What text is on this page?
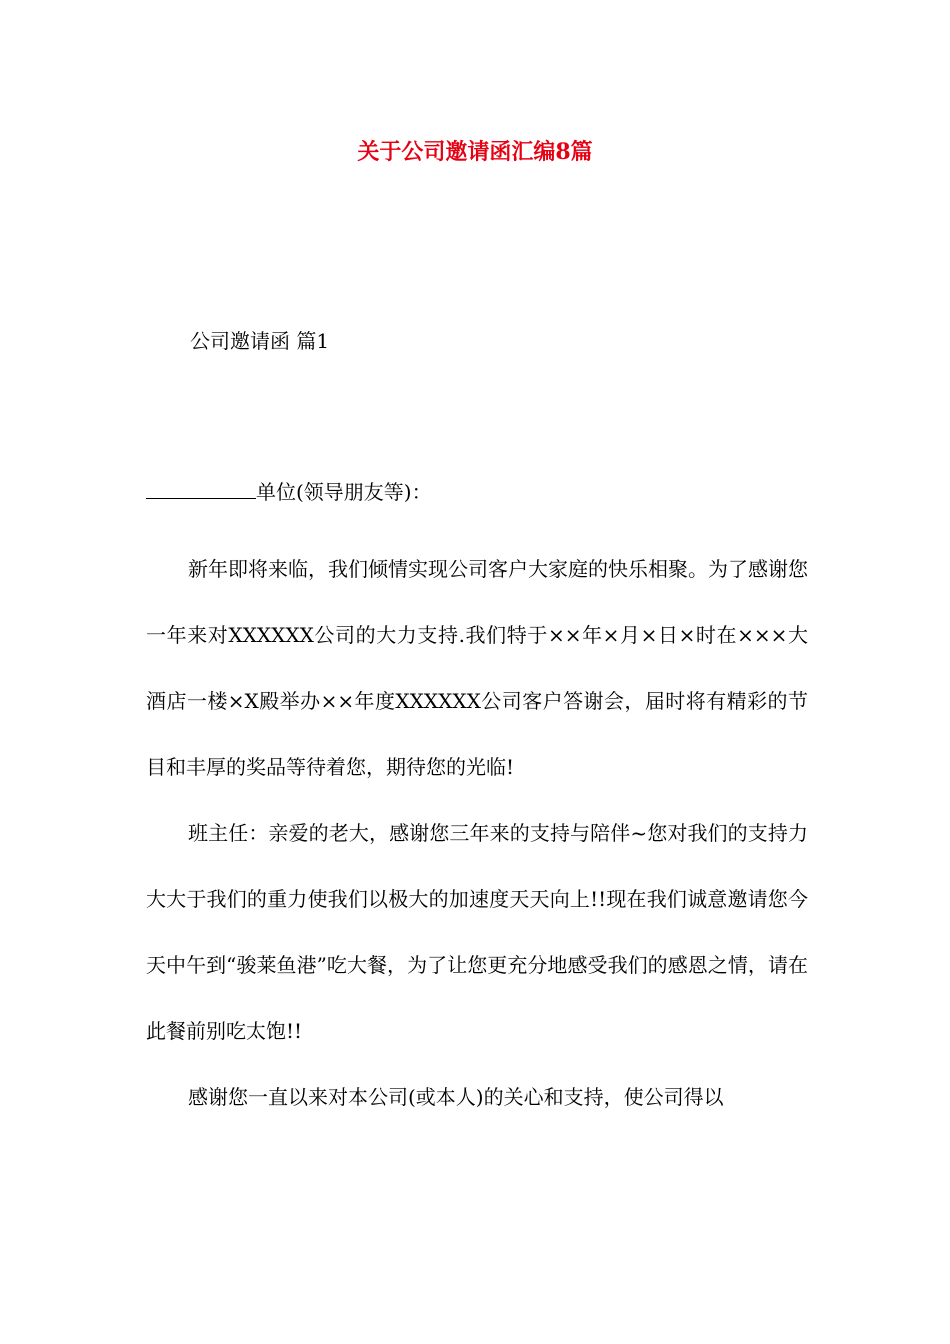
关于公司邀请函汇编8篇
公司邀请函 篇1
单位(领导朋友等)：

新年即将来临，我们倾情实现公司客户大家庭的快乐相聚。为了感谢您一年来对XXXXXX公司的大力支持.我们特于××年×月×日×时在×××大酒店一楼×X殿举办××年度XXXXXX公司客户答谢会，届时将有精彩的节目和丰厚的奖品等待着您，期待您的光临!

班主任：亲爱的老大，感谢您三年来的支持与陪伴~您对我们的支持力大大于我们的重力使我们以极大的加速度天天向上!!现在我们诚意邀请您今天中午到“骏莱鱼港”吃大餐，为了让您更充分地感受我们的感恩之情，请在此餐前别吃太饱!!

感谢您一直以来对本公司(或本人)的关心和支持，使公司得以
